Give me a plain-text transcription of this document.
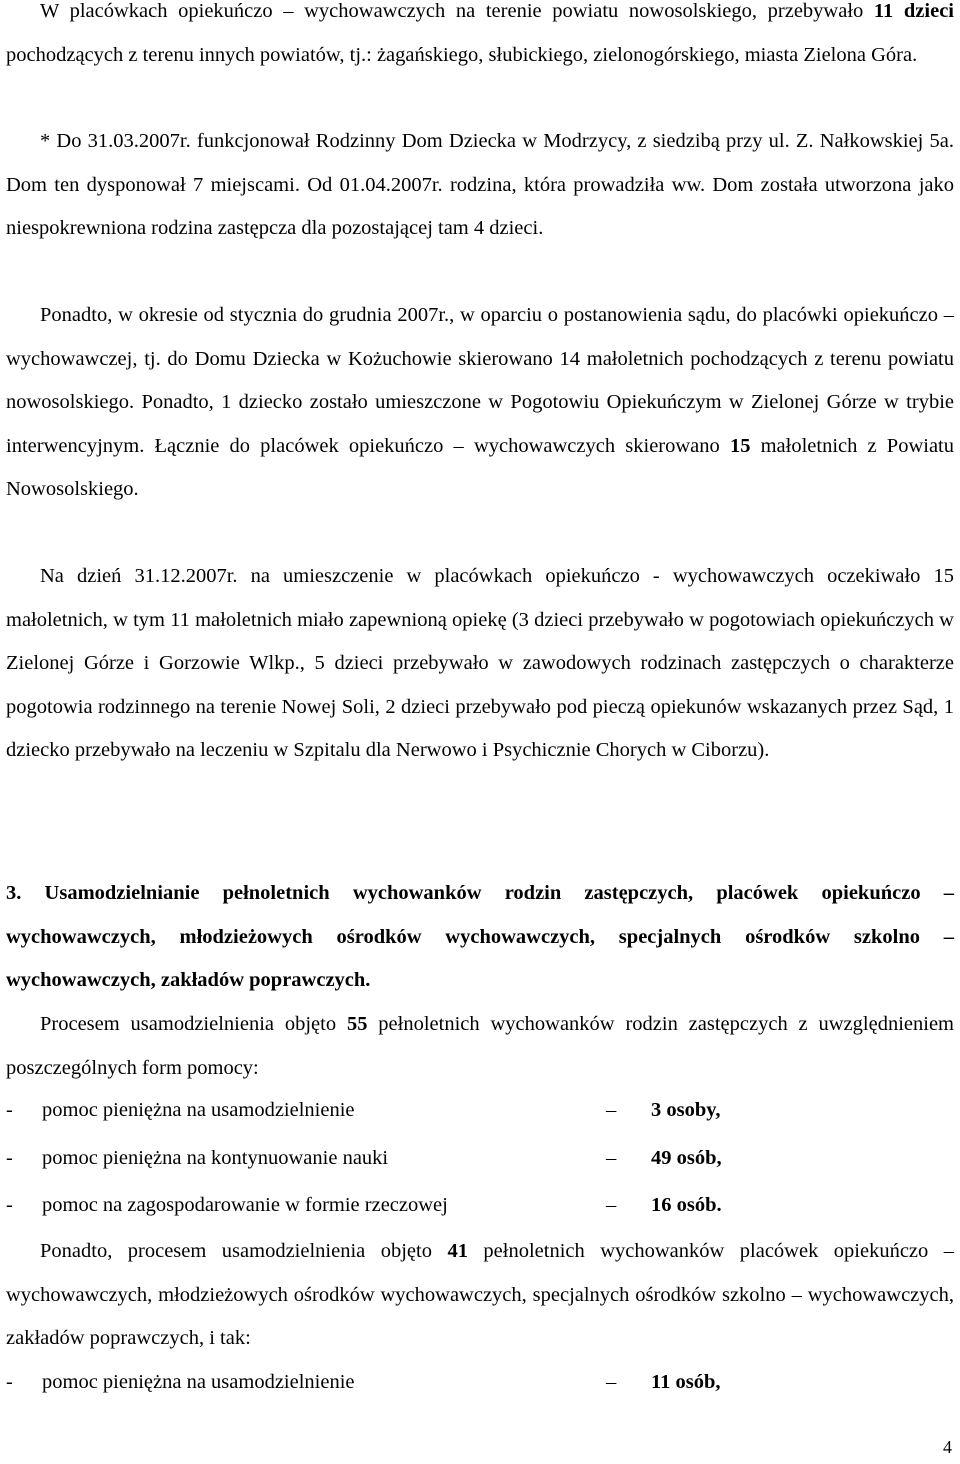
W placówkach opiekuńczo – wychowawczych na terenie powiatu nowosolskiego, przebywało 11 dzieci pochodzących z terenu innych powiatów, tj.: żagańskiego, słubickiego, zielonogórskiego, miasta Zielona Góra.

* Do 31.03.2007r. funkcjonował Rodzinny Dom Dziecka w Modrzycy, z siedzibą przy ul. Z. Nałkowskiej 5a. Dom ten dysponował 7 miejscami. Od 01.04.2007r. rodzina, która prowadziła ww. Dom została utworzona jako niespokrewniona rodzina zastępcza dla pozostającej tam 4 dzieci.

Ponadto, w okresie od stycznia do grudnia 2007r., w oparciu o postanowienia sądu, do placówki opiekuńczo – wychowawczej, tj. do Domu Dziecka w Kożuchowie skierowano 14 małoletnich pochodzących z terenu powiatu nowosolskiego. Ponadto, 1 dziecko zostało umieszczone w Pogotowiu Opiekuńczym w Zielonej Górze w trybie interwencyjnym. Łącznie do placówek opiekuńczo – wychowawczych skierowano 15 małoletnich z Powiatu Nowosolskiego.

Na dzień 31.12.2007r. na umieszczenie w placówkach opiekuńczo - wychowawczych oczekiwało 15 małoletnich, w tym 11 małoletnich miało zapewnioną opiekę (3 dzieci przebywało w pogotowiach opiekuńczych w Zielonej Górze i Gorzowie Wlkp., 5 dzieci przebywało w zawodowych rodzinach zastępczych o charakterze pogotowia rodzinnego na terenie Nowej Soli, 2 dzieci przebywało pod pieczą opiekunów wskazanych przez Sąd, 1 dziecko przebywało na leczeniu w Szpitalu dla Nerwowo i Psychicznie Chorych w Ciborzu).

3. Usamodzielnianie pełnoletnich wychowanków rodzin zastępczych, placówek opiekuńczo – wychowawczych, młodzieżowych ośrodków wychowawczych, specjalnych ośrodków szkolno – wychowawczych, zakładów poprawczych.

Procesem usamodzielnienia objęto 55 pełnoletnich wychowanków rodzin zastępczych z uwzględnieniem poszczególnych form pomocy:

- pomoc pieniężna na usamodzielnienie	– 3 osoby,
- pomoc pieniężna na kontynuowanie nauki	– 49 osób,
- pomoc na zagospodarowanie w formie rzeczowej	– 16 osób.

Ponadto, procesem usamodzielnienia objęto 41 pełnoletnich wychowanków placówek opiekuńczo – wychowawczych, młodzieżowych ośrodków wychowawczych, specjalnych ośrodków szkolno – wychowawczych, zakładów poprawczych, i tak:

- pomoc pieniężna na usamodzielnienie	– 11 osób,
4
